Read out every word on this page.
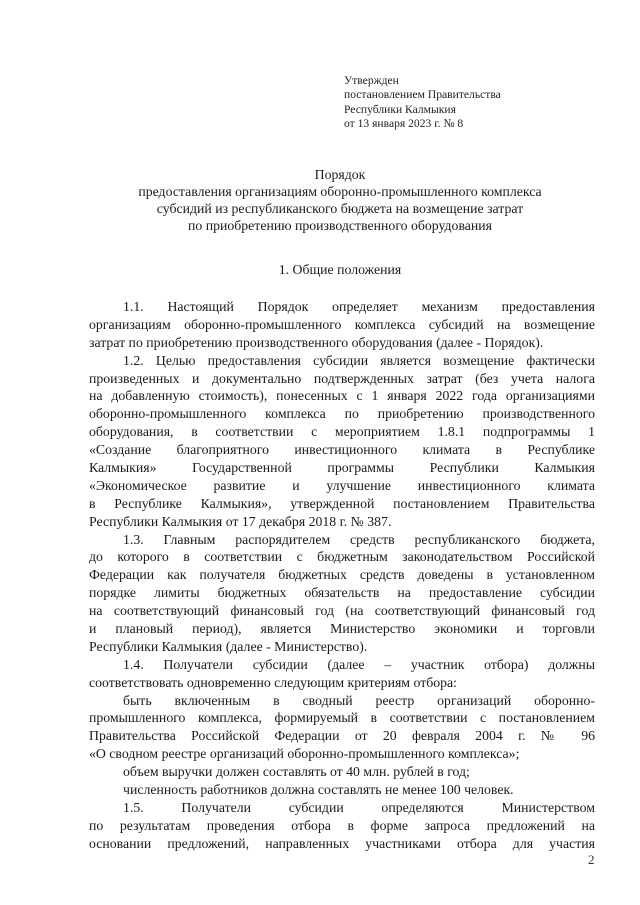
Утвержден
постановлением Правительства
Республики Калмыкия
от 13 января 2023 г. № 8
Порядок
предоставления организациям оборонно-промышленного комплекса
субсидий из республиканского бюджета на возмещение затрат
по приобретению производственного оборудования
1. Общие положения
1.1. Настоящий Порядок определяет механизм предоставления
организациям оборонно-промышленного комплекса субсидий на возмещение
затрат по приобретению производственного оборудования (далее - Порядок).
1.2. Целью предоставления субсидии является возмещение фактически
произведенных и документально подтвержденных затрат (без учета налога
на добавленную стоимость), понесенных с 1 января 2022 года организациями
оборонно-промышленного комплекса по приобретению производственного
оборудования, в соответствии с мероприятием 1.8.1 подпрограммы 1
«Создание благоприятного инвестиционного климата в Республике
Калмыкия» Государственной программы Республики Калмыкия
«Экономическое развитие и улучшение инвестиционного климата
в Республике Калмыкия», утвержденной постановлением Правительства
Республики Калмыкия от 17 декабря 2018 г. № 387.
1.3. Главным распорядителем средств республиканского бюджета,
до которого в соответствии с бюджетным законодательством Российской
Федерации как получателя бюджетных средств доведены в установленном
порядке лимиты бюджетных обязательств на предоставление субсидии
на соответствующий финансовый год (на соответствующий финансовый год
и плановый период), является Министерство экономики и торговли
Республики Калмыкия (далее - Министерство).
1.4. Получатели субсидии (далее – участник отбора) должны
соответствовать одновременно следующим критериям отбора:
быть включенным в сводный реестр организаций оборонно-
промышленного комплекса, формируемый в соответствии с постановлением
Правительства Российской Федерации от 20 февраля 2004 г. № 96
«О сводном реестре организаций оборонно-промышленного комплекса»;
объем выручки должен составлять от 40 млн. рублей в год;
численность работников должна составлять не менее 100 человек.
1.5. Получатели субсидии определяются Министерством
по результатам проведения отбора в форме запроса предложений на
основании предложений, направленных участниками отбора для участия
2
